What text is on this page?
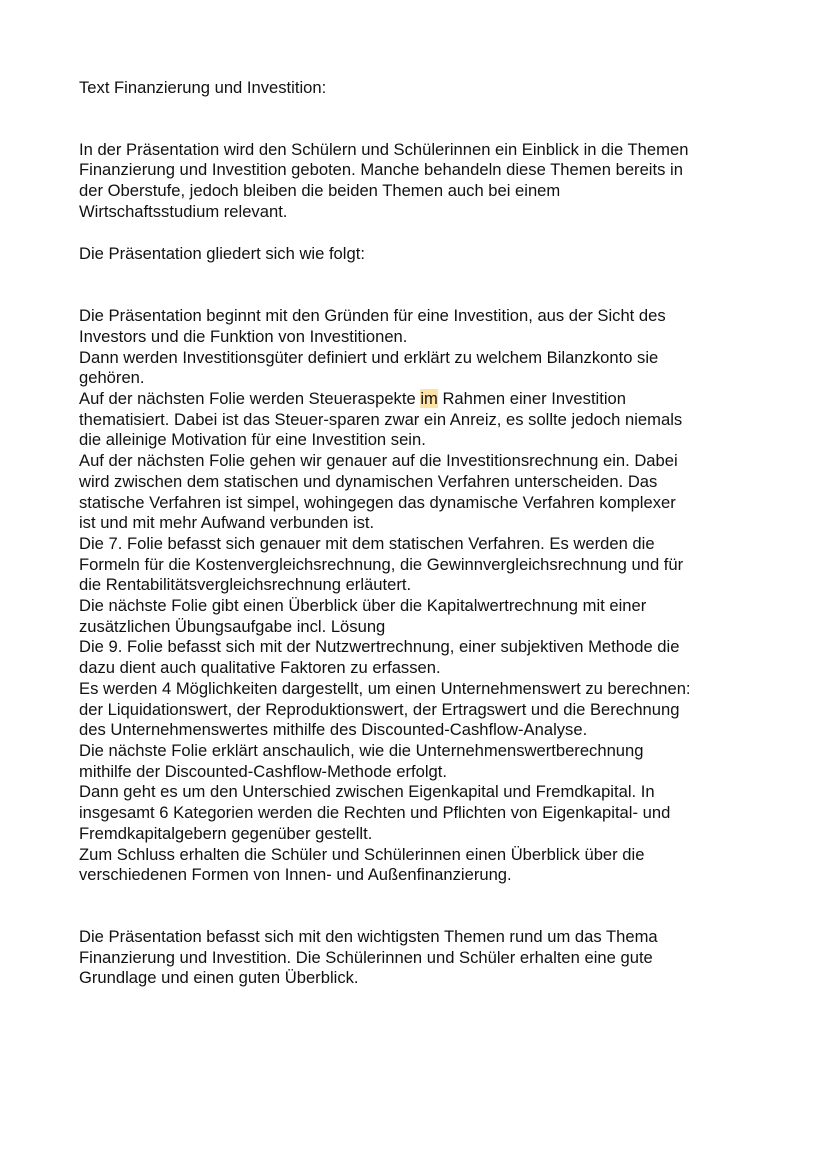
Text Finanzierung und Investition:

In der Präsentation wird den Schülern und Schülerinnen ein Einblick in die Themen
Finanzierung und Investition geboten. Manche behandeln diese Themen bereits in
der Oberstufe, jedoch bleiben die beiden Themen auch bei einem
Wirtschaftsstudium relevant.

Die Präsentation gliedert sich wie folgt:

Die Präsentation beginnt mit den Gründen für eine Investition, aus der Sicht des
Investors und die Funktion von Investitionen.

Dann werden Investitionsgüter definiert und erklärt zu welchem Bilanzkonto sie
gehören.

Auf der nächsten Folie werden Steueraspekte im Rahmen einer Investition
thematisiert. Dabei ist das Steuer-sparen zwar ein Anreiz, es sollte jedoch niemals
die alleinige Motivation für eine Investition sein.

Auf der nächsten Folie gehen wir genauer auf die Investitionsrechnung ein. Dabei
wird zwischen dem statischen und dynamischen Verfahren unterscheiden. Das
statische Verfahren ist simpel, wohingegen das dynamische Verfahren komplexer
ist und mit mehr Aufwand verbunden ist.

Die 7. Folie befasst sich genauer mit dem statischen Verfahren. Es werden die
Formeln für die Kostenvergleichsrechnung, die Gewinnvergleichsrechnung und für
die Rentabilitätsvergleichsrechnung erläutert.

Die nächste Folie gibt einen Überblick über die Kapitalwertrechnung mit einer
zusätzlichen Übungsaufgabe incl. Lösung

Die 9. Folie befasst sich mit der Nutzwertrechnung, einer subjektiven Methode die
dazu dient auch qualitative Faktoren zu erfassen.

Es werden 4 Möglichkeiten dargestellt, um einen Unternehmenswert zu berechnen:
der Liquidationswert, der Reproduktionswert, der Ertragswert und die Berechnung
des Unternehmenswertes mithilfe des Discounted-Cashflow-Analyse.

Die nächste Folie erklärt anschaulich, wie die Unternehmenswertberechnung
mithilfe der Discounted-Cashflow-Methode erfolgt.

Dann geht es um den Unterschied zwischen Eigenkapital und Fremdkapital. In
insgesamt 6 Kategorien werden die Rechten und Pflichten von Eigenkapital- und
Fremdkapitalgebern gegenüber gestellt.

Zum Schluss erhalten die Schüler und Schülerinnen einen Überblick über die
verschiedenen Formen von Innen- und Außenfinanzierung.

Die Präsentation befasst sich mit den wichtigsten Themen rund um das Thema
Finanzierung und Investition. Die Schülerinnen und Schüler erhalten eine gute
Grundlage und einen guten Überblick.
